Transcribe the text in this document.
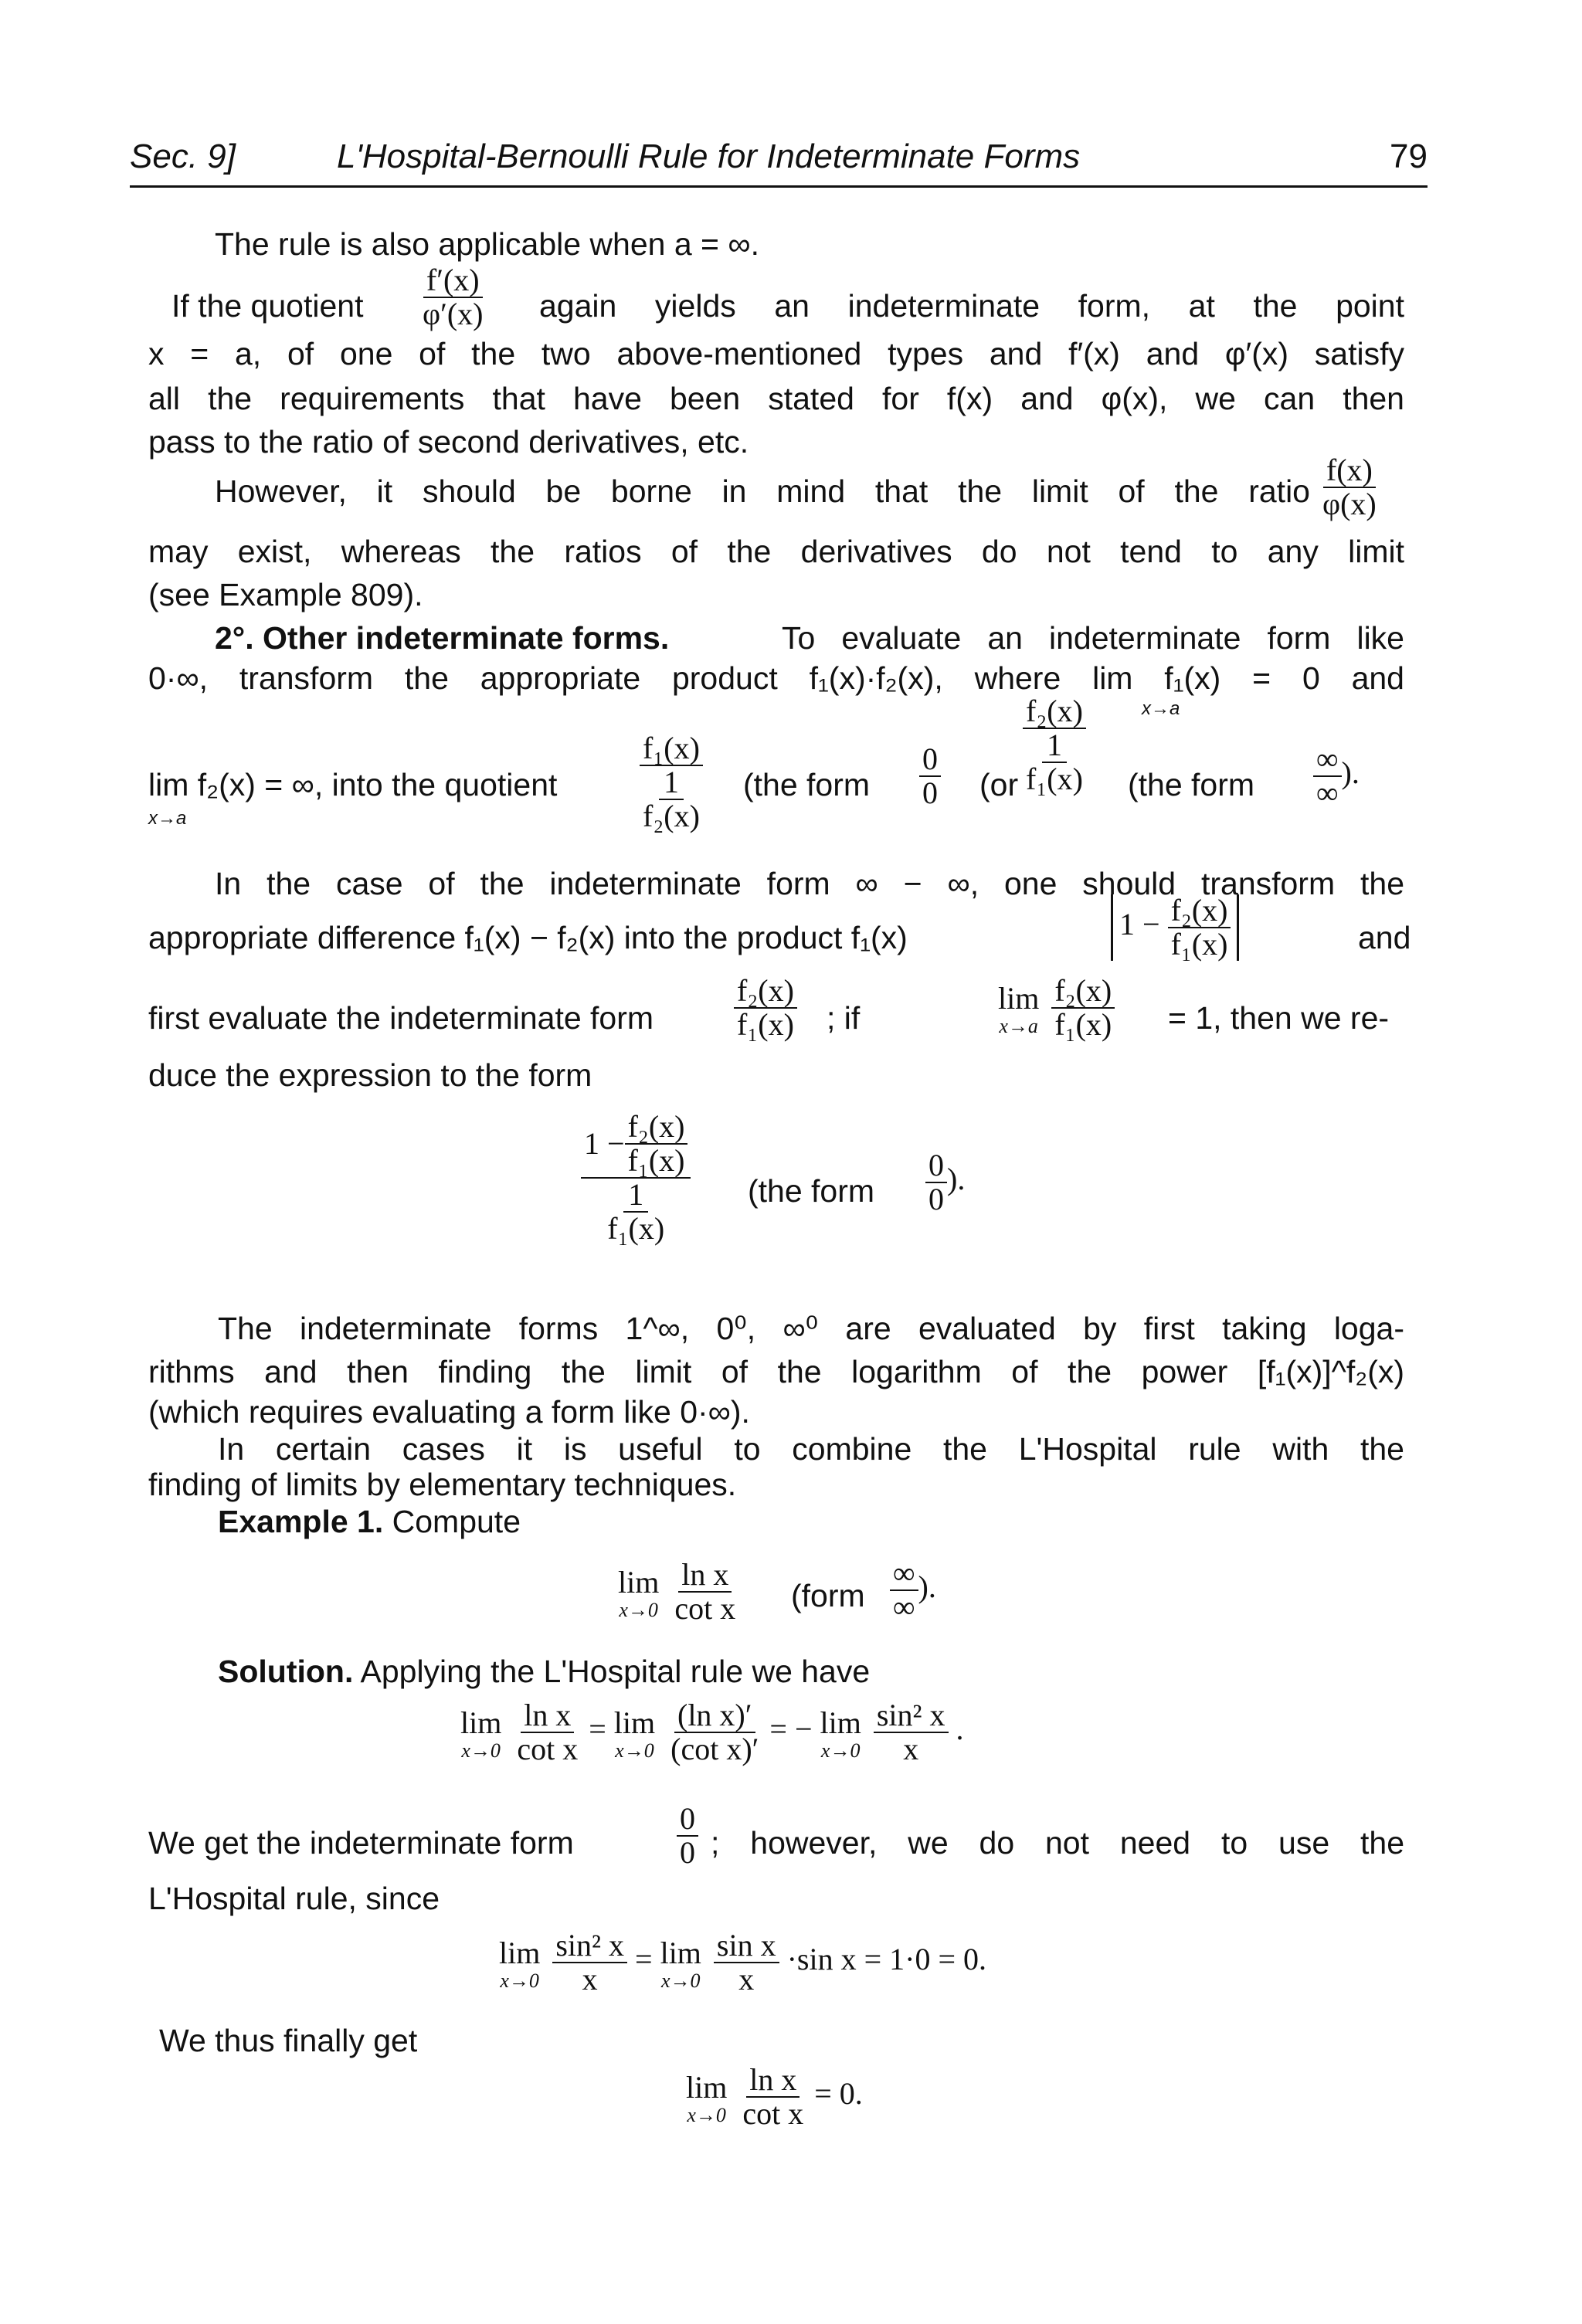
Sec. 9]	L'Hospital-Bernoulli Rule for Indeterminate Forms	79
The rule is also applicable when a = ∞.
If the quotient $\frac{f'(x)}{\varphi'(x)}$ again yields an indeterminate form, at the point
x = a, of one of the two above-mentioned types and f′(x) and φ′(x) satisfy
all the requirements that have been stated for f(x) and φ(x), we can then
pass to the ratio of second derivatives, etc.
However, it should be borne in mind that the limit of the ratio $\frac{f(x)}{\varphi(x)}$
may exist, whereas the ratios of the derivatives do not tend to any limit
(see Example 809).
2°. Other indeterminate forms.	To evaluate an indeterminate form like
0·∞, transform the appropriate product f₁(x)·f₂(x), where lim f₁(x) = 0 and
x→a
lim f₂(x) = ∞, into the quotient
x→a	f₁(x)
1
f₂(x) (the form $\frac{0}{0} (or$ f₂(x)
1
f₁(x) (the form
∞
∞
).
In the case of the indeterminate form ∞ − ∞, one should transform the
appropriate difference f₁(x) − f₂(x) into the product f₁(x)	$1 - \frac{\text{f₂(x)}}{\text{f₁(x)}}$	and
first evaluate the indeterminate form	$\frac{\text{f₂(x)}}{\text{f₁(x)}}$ ; if
lim
x→a
$\frac{\text{f₂(x)}}{\text{f₁(x)}} = 1$, then we re-
duce the expression to the form
$1 - \frac{\text{f₂(x)}}{\text{f₁(x)}}$
1
f₁(x) (the form $\frac{0}{0}$ ).
The indeterminate forms 1^∞, 0⁰, ∞⁰ are evaluated by first taking loga-
rithms and then finding the limit of the logarithm of the power [f₁(x)]^f₂(x)
(which requires evaluating a form like 0·∞).
In certain cases it is useful to combine the L'Hospital rule with the
finding of limits by elementary techniques.
Example 1. Compute
lim
x→0
$\frac{\text{ln x}}{\text{cot x}}$ (form
∞
∞
).
Solution. Applying the L'Hospital rule we have
lim
x→0
$\frac{\text{ln x}}{\text{cot x}} = \lim$
x→0
$\frac{\text{(ln x)′}}{\text{(cot x)′}}$ = − lim
x→0
$\frac{\text{sin² x}}{x}$ .
We get the indeterminate form	$\frac{0}{0}$ ; however, we do not need to use the
L'Hospital rule, since
lim
x→0
$\frac{\text{sin² x}}{x} = \lim$
x→0
$\frac{\text{sin x}}{x} \cdot\sin$ x = 1·0 = 0.
We thus finally get
lim
x→0
$\frac{\text{ln x}}{\text{cot x}} = 0$.
